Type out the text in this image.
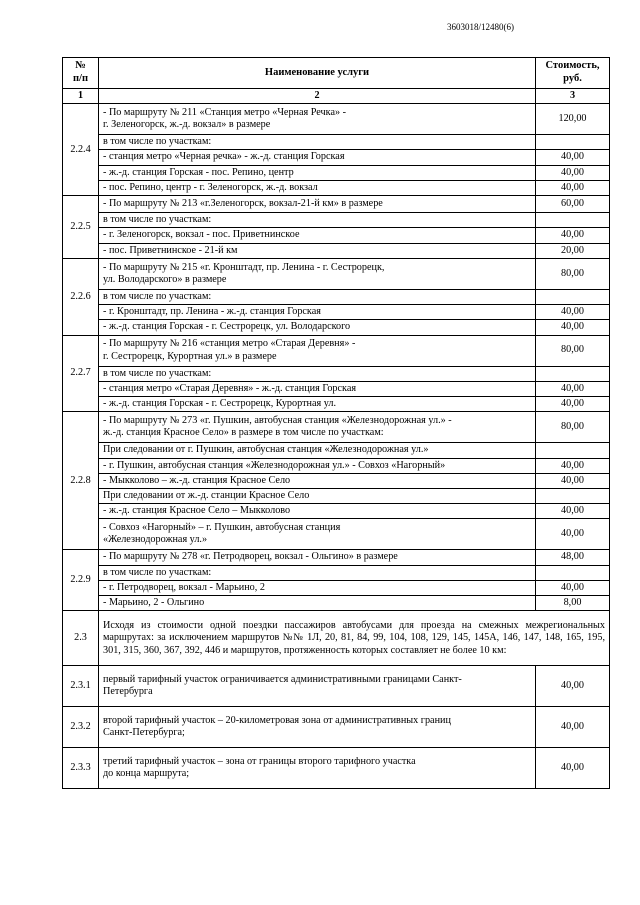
3603018/12480(6)
№
п/п	Наименование услуги	Стоимость,
руб.
1	2	3
2.2.4	- По маршруту № 211 «Станция метро «Черная Речка» -
г. Зеленогорск, ж.-д. вокзал» в размере	120,00
	в том числе по участкам:	
	- станция метро «Черная речка» - ж.-д. станция Горская	40,00
	- ж.-д. станция Горская - пос. Репино, центр	40,00
	- пос. Репино, центр - г. Зеленогорск, ж.-д. вокзал	40,00
2.2.5	- По маршруту № 213 «г.Зеленогорск, вокзал-21-й км» в размере	60,00
	в том числе по участкам:	
	- г. Зеленогорск, вокзал - пос. Приветнинское	40,00
	- пос. Приветнинское - 21-й км	20,00
2.2.6	- По маршруту № 215 «г. Кронштадт, пр. Ленина - г. Сестрорецк,
ул. Володарского» в размере	80,00
	в том числе по участкам:	
	- г. Кронштадт, пр. Ленина - ж.-д. станция Горская	40,00
	- ж.-д. станция Горская - г. Сестрорецк, ул. Володарского	40,00
2.2.7	- По маршруту № 216 «станция метро «Старая Деревня» -
г. Сестрорецк, Курортная ул.» в размере	80,00
	в том числе по участкам:	
	- станция метро «Старая Деревня» - ж.-д. станция Горская	40,00
	- ж.-д. станция Горская - г. Сестрорецк, Курортная ул.	40,00
2.2.8	- По маршруту № 273 «г. Пушкин, автобусная станция «Железнодорожная ул.» -
ж.-д. станция Красное Село» в размере в том числе по участкам:	80,00
	При следовании от г. Пушкин, автобусная станция «Железнодорожная ул.»	
	- г. Пушкин, автобусная станция «Железнодорожная ул.» - Совхоз «Нагорный»	40,00
	- Мыкколово – ж.-д. станция Красное Село	40,00
	При следовании от ж.-д. станции Красное Село	
	- ж.-д. станция Красное Село – Мыкколово	40,00
	- Совхоз «Нагорный» – г. Пушкин, автобусная станция
«Железнодорожная ул.»	40,00
2.2.9	- По маршруту № 278 «г. Петродворец, вокзал - Ольгино» в размере	48,00
	в том числе по участкам:	
	- г. Петродворец, вокзал - Марьино, 2	40,00
	- Марьино, 2 - Ольгино	8,00
2.3	Исходя из стоимости одной поездки пассажиров автобусами для проезда на смежных межрегиональных маршрутах: за исключением маршрутов №№ 1Л, 20, 81, 84, 99, 104, 108, 129, 145, 145А, 146, 147, 148, 165, 195, 301, 315, 360, 367, 392, 446 и маршрутов, протяженность которых составляет не более 10 км:	
2.3.1	первый тарифный участок ограничивается административными границами Санкт-
Петербурга	40,00
2.3.2	второй тарифный участок – 20-километровая зона от административных границ
Санкт-Петербурга;	40,00
2.3.3	третий тарифный участок – зона от границы второго тарифного участка
до конца маршрута;	40,00
